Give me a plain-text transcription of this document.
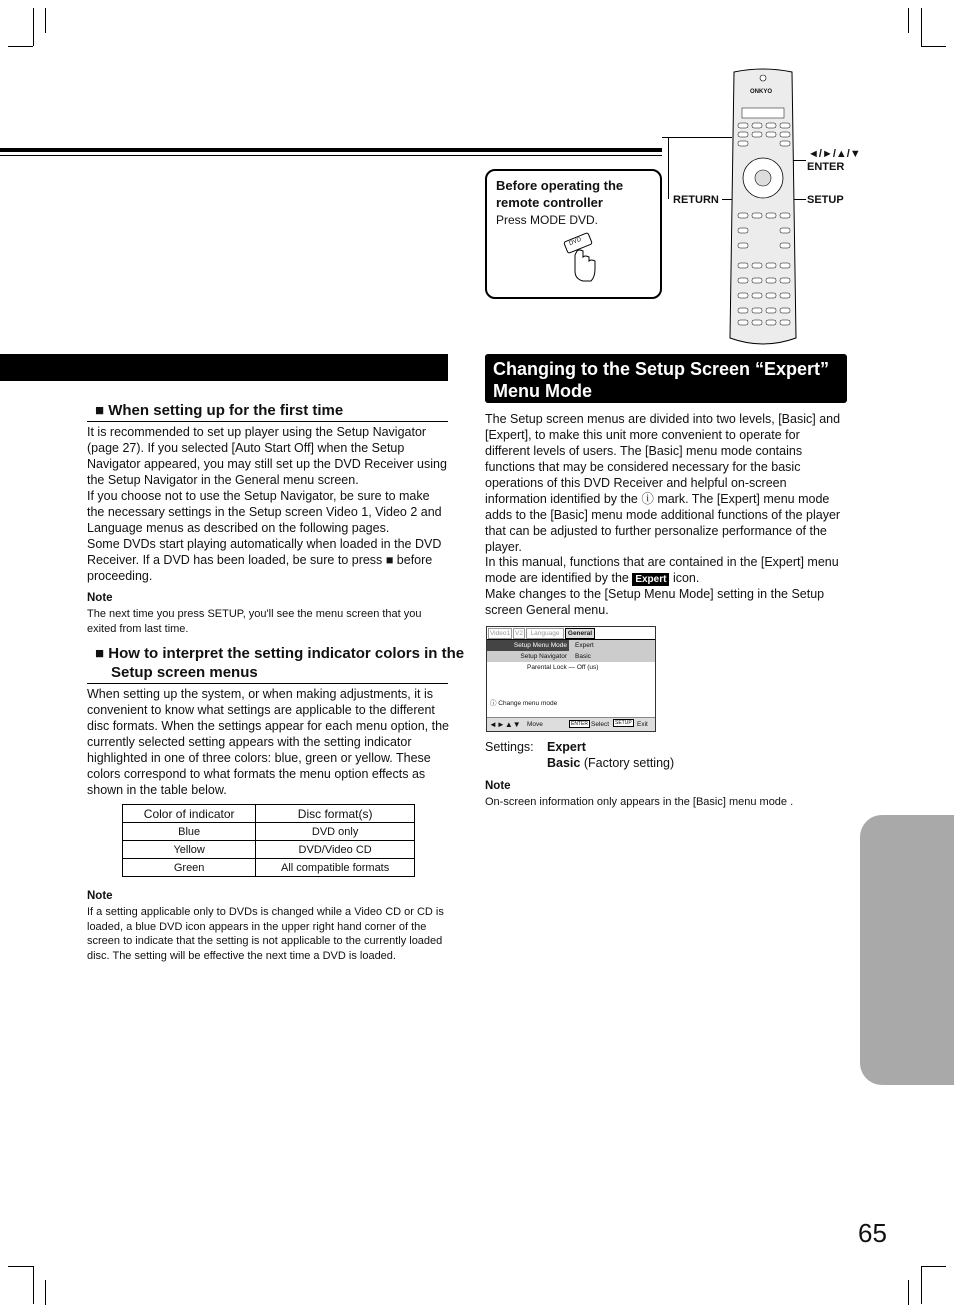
Before operating the remote controller
Press MODE DVD.
DVD
◄/►/▲/▼
ENTER
RETURN	SETUP
ONKYO
■ When setting up for the first time
It is recommended to set up player using the Setup Navigator (page 27). If you selected [Auto Start Off] when the Setup Navigator appeared, you may still set up the DVD Receiver using the Setup Navigator in the General menu screen.
If you choose not to use the Setup Navigator, be sure to make the necessary settings in the Setup screen Video 1, Video 2 and Language menus as described on the following pages.
Some DVDs start playing automatically when loaded in the DVD Receiver. If a DVD has been loaded, be sure to press ■ before proceeding.
Note
The next time you press SETUP, you'll see the menu screen that you exited from last time.
■ How to interpret the setting indicator colors in the Setup screen menus
When setting up the system, or when making adjustments, it is convenient to know what settings are applicable to the different disc formats. When the settings appear for each menu option, the currently selected setting appears with the setting indicator highlighted in one of three colors: blue, green or yellow. These colors correspond to what formats the menu option effects as shown in the table below.
Color of indicator	Disc format(s)
Blue	DVD only
Yellow	DVD/Video CD
Green	All compatible formats
Note
If a setting applicable only to DVDs is changed while a Video CD or CD is loaded, a blue DVD icon appears in the upper right hand corner of the screen to indicate that the setting is not applicable to the currently loaded disc. The setting will be effective the next time a DVD is loaded.
Changing to the Setup Screen “Expert” Menu Mode
The Setup screen menus are divided into two levels, [Basic] and [Expert], to make this unit more convenient to operate for different levels of users. The [Basic] menu mode contains functions that may be considered necessary for the basic operations of this DVD Receiver and helpful on-screen information identified by the ⓘ mark. The [Expert] menu mode adds to the [Basic] menu mode additional functions of the player that can be adjusted to further personalize performance of the player.
In this manual, functions that are contained in the [Expert] menu mode are identified by the Expert icon.
Make changes to the [Setup Menu Mode] setting in the Setup screen General menu.
Video1 V2	Language	General
Setup Menu Mode	Expert
Setup Navigator	Basic
Parental Lock — Off (us)
ⓘ Change menu mode
◄►▲▼ Move	ENTER Select	SETUP Exit
Settings: Expert
Basic (Factory setting)
Note
On-screen information only appears in the [Basic] menu mode .
65
